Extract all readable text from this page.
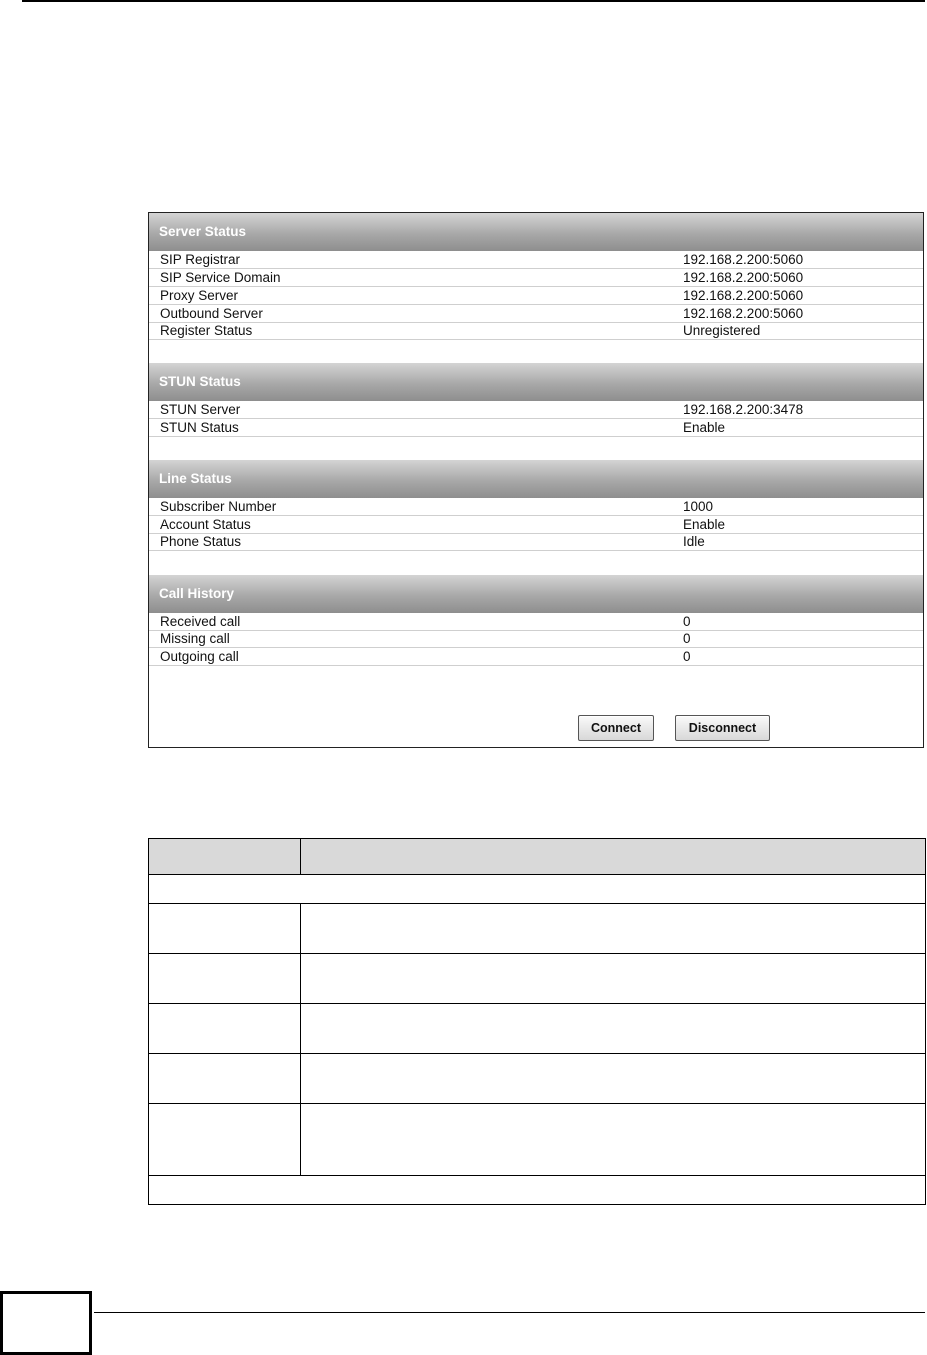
Server Status
SIP Registrar	192.168.2.200:5060
SIP Service Domain	192.168.2.200:5060
Proxy Server	192.168.2.200:5060
Outbound Server	192.168.2.200:5060
Register Status	Unregistered
STUN Status
STUN Server	192.168.2.200:3478
STUN Status	Enable
Line Status
Subscriber Number	1000
Account Status	Enable
Phone Status	Idle
Call History
Received call	0
Missing call	0
Outgoing call	0
Connect	Disconnect
